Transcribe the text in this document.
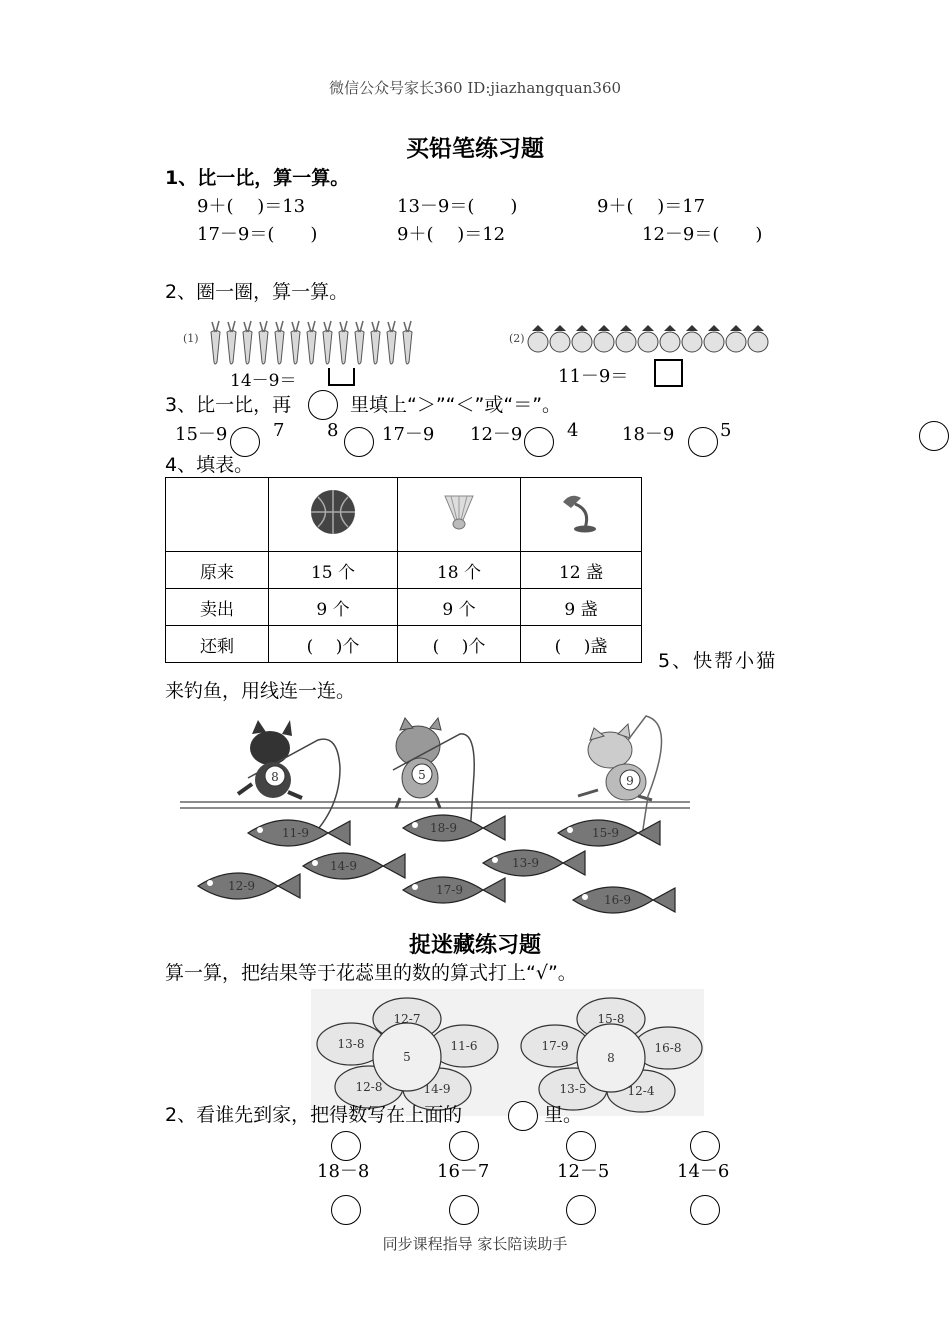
微信公众号家长360 ID:jiazhangquan360
买铅笔练习题
1、比一比，算一算。
9＋(　 )＝13	13－9＝(　　)	9＋(　 )＝17
17－9＝(　　)	9＋(　 )＝12	12－9＝(　　)
2、圈一圈，算一算。
(1)
14－9＝
(2)
11－9＝
3、比一比，再	里填上“＞”“＜”或“＝”。
15－9	7 8 17－9 12－9 4 18－9	5
4、填表。

原来	15 个	18 个	12 盏
卖出	9 个	9 个	9 盏
还剩	(　 )个	(　 )个	(　 )盏
5、快帮小猫
来钓鱼，用线连一连。
8	5	9
11-9	18-9	15-9
14-9	13-9
12-9	17-9
16-9
捉迷藏练习题
算一算，把结果等于花蕊里的数的算式打上“√”。
12-7
11-6
14-9
12-8
13-8
5
15-8
16-8
12-4
13-5
17-9
8
2、看谁先到家，把得数写在上面的	里。
18－8	16－7	12－5	14－6
同步课程指导 家长陪读助手
